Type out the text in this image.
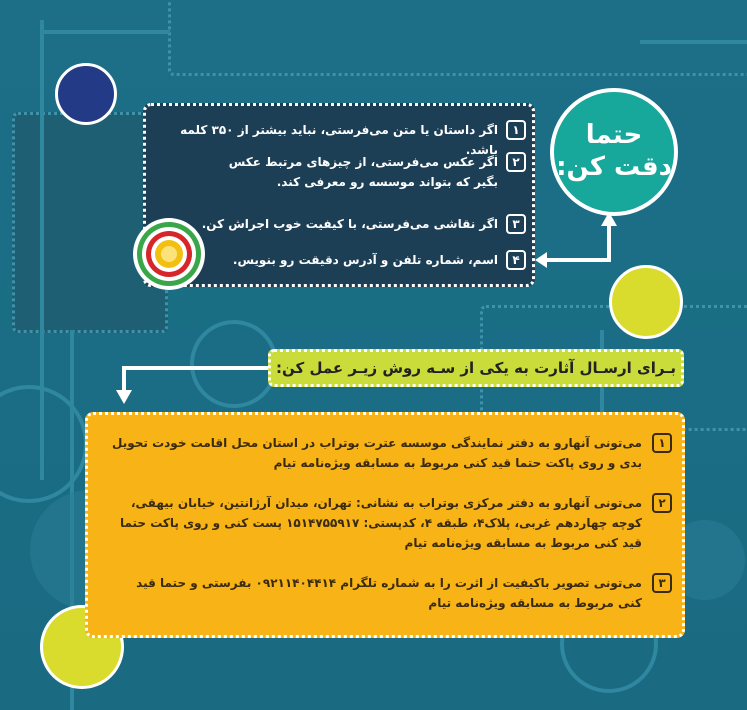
۱
اگر داستان یا متن می‌فرستی، نباید بیشتر از ۳۵۰ کلمه باشد.
۲
اگر عکس می‌فرستی، از چیزهای مرتبط عکس بگیر که بتواند موسسه رو معرفی کند.
۳
اگر نقاشی می‌فرستی، با کیفیت خوب اجراش کن.
۴
اسم، شماره تلفن و آدرس دقیقت رو بنویس.
حتما
دقت کن:
بـرای ارسـال آثارت به یکی از سـه روش زیـر عمل کن:
۱
می‌تونی آنهارو به دفتر نمایندگی موسسه عترت بوتراب در استان محل اقامت خودت تحویل بدی و روی پاکت حتما قید کنی مربوط به مسابقه ویژه‌نامه تیام
۲
می‌تونی آنهارو به دفتر مرکزی بوتراب به نشانی: تهران، میدان آرژانتین، خیابان بیهقی، کوچه چهاردهم غربی، پلاک۴، طبقه ۴، کدپستی: ۱۵۱۴۷۵۵۹۱۷ پست کنی و روی پاکت حتما قید کنی مربوط به مسابقه ویژه‌نامه تیام
۳
می‌تونی تصویر باکیفیت از اثرت را به شماره تلگرام ۰۹۲۱۱۴۰۴۴۱۴ بفرستی و حتما قید کنی مربوط به مسابقه ویژه‌نامه تیام
